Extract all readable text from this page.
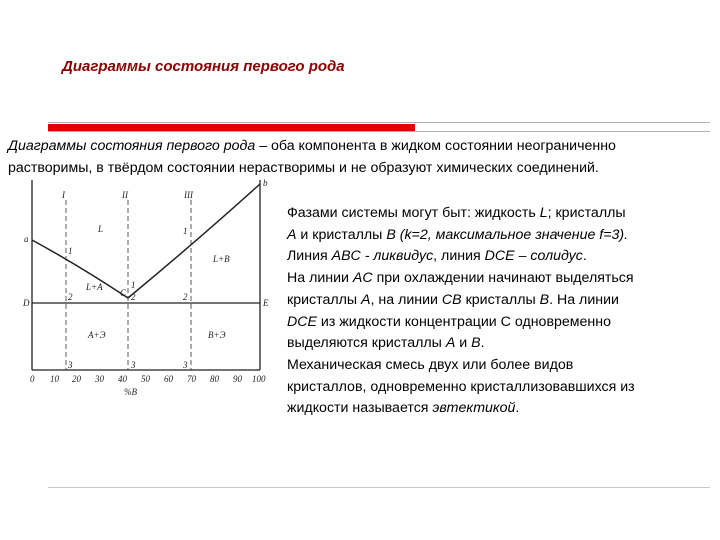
Диаграммы состояния первого рода
Диаграммы состояния первого рода – оба компонента в жидком состоянии неограниченно
растворимы, в твёрдом состоянии нерастворимы и не образуют химических соединений.
I	II	III
a
b
C
D	E
L
L+A
L+B
A+Э	B+Э
1
2
3
1
2
3
1
2
3
0 10 20 30 40 50 60 70 80 90 100
%B
Фазами системы могут быт: жидкость L; кристаллы
A и кристаллы B (k=2, максимальное значение f=3).
Линия ABC - ликвидус, линия DCE – солидус.
На линии AC при охлаждении начинают выделяться
кристаллы A, на линии CB кристаллы B. На линии
DCE из жидкости концентрации С одновременно
выделяются кристаллы A и B.
Механическая смесь двух или более видов
кристаллов, одновременно кристаллизовавшихся из
жидкости называется эвтектикой.
